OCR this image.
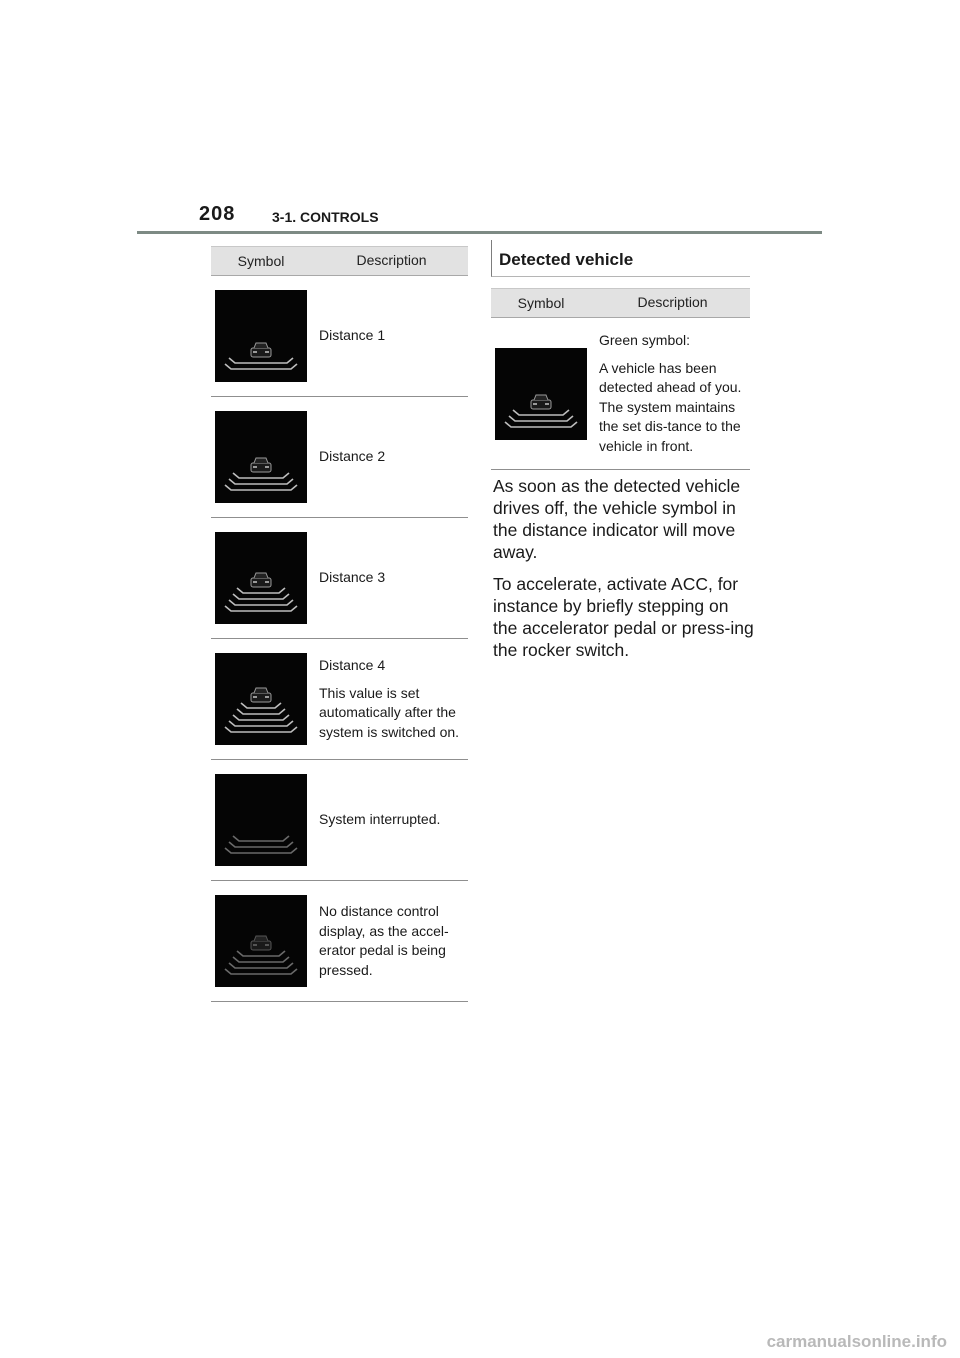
208	3-1. CONTROLS
Symbol	Description
Distance 1
Distance 2
Distance 3
Distance 4
This value is set automatically after the system is switched on.
System interrupted.
No distance control display, as the accel-erator pedal is being pressed.
Detected vehicle
Symbol	Description
Green symbol:
A vehicle has been detected ahead of you. The system maintains the set dis-tance to the vehicle in front.

As soon as the detected vehicle drives off, the vehicle symbol in the distance indicator will move away.

To accelerate, activate ACC, for instance by briefly stepping on the accelerator pedal or press-ing the rocker switch.

carmanualsonline.info
